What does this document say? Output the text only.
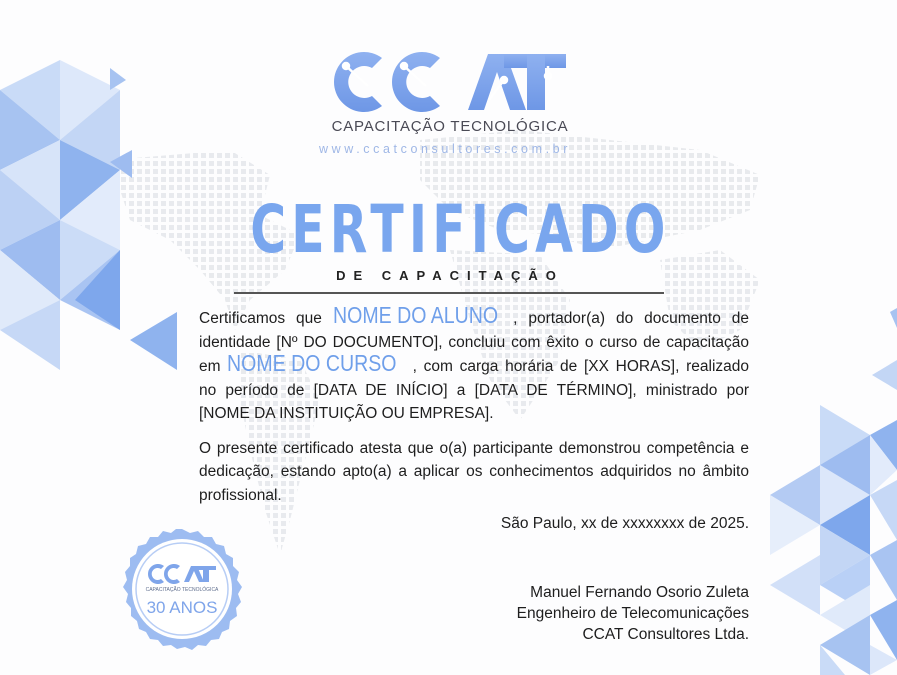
CAPACITAÇÃO TECNOLÓGICA
www.ccatconsultores.com.br
CERTIFICADO
DE CAPACITAÇÃO

Certificamos que NOME DO ALUNO , portador(a) do documento de identidade [Nº DO DOCUMENTO], concluiu com êxito o curso de capacitação em NOME DO CURSO , com carga horária de [XX HORAS], realizado no período de [DATA DE INÍCIO] a [DATA DE TÉRMINO], ministrado por [NOME DA INSTITUIÇÃO OU EMPRESA].

O presente certificado atesta que o(a) participante demonstrou competência e dedicação, estando apto(a) a aplicar os conhecimentos adquiridos no âmbito profissional.

São Paulo, xx de xxxxxxxx de 2025.
Manuel Fernando Osorio Zuleta
Engenheiro de Telecomunicações
CCAT Consultores Ltda.
CAPACITAÇÃO TECNOLÓGICA
30 ANOS
